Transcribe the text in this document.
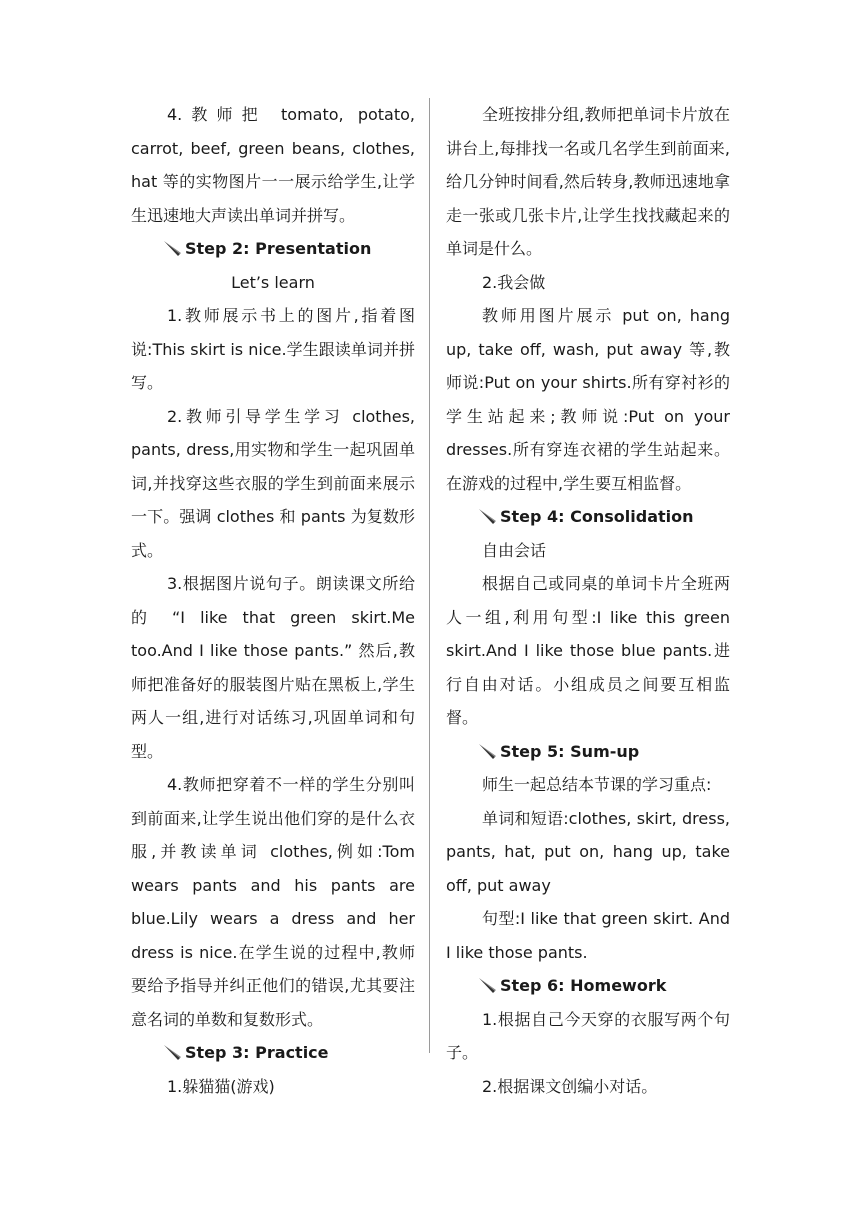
4.教师把 tomato, potato, carrot, beef, green beans, clothes, hat 等的实物图片一一展示给学生,让学生迅速地大声读出单词并拼写。

Step 2: Presentation

Let’s learn

1.教师展示书上的图片,指着图说:This skirt is nice.学生跟读单词并拼写。

2.教师引导学生学习 clothes, pants, dress,用实物和学生一起巩固单词,并找穿这些衣服的学生到前面来展示一下。强调 clothes 和 pants 为复数形式。

3.根据图片说句子。朗读课文所给的 “I like that green skirt.Me too.And I like those pants.” 然后,教师把准备好的服装图片贴在黑板上,学生两人一组,进行对话练习,巩固单词和句型。

4.教师把穿着不一样的学生分别叫到前面来,让学生说出他们穿的是什么衣服,并教读单词 clothes,例如:Tom wears pants and his pants are blue.Lily wears a dress and her dress is nice.在学生说的过程中,教师要给予指导并纠正他们的错误,尤其要注意名词的单数和复数形式。

Step 3: Practice

1.躲猫猫(游戏)

全班按排分组,教师把单词卡片放在讲台上,每排找一名或几名学生到前面来,给几分钟时间看,然后转身,教师迅速地拿走一张或几张卡片,让学生找找藏起来的单词是什么。

2.我会做

教师用图片展示 put on, hang up, take off, wash, put away 等,教师说:Put on your shirts.所有穿衬衫的学生站起来;教师说:Put on your dresses.所有穿连衣裙的学生站起来。在游戏的过程中,学生要互相监督。

Step 4: Consolidation

自由会话

根据自己或同桌的单词卡片全班两人一组,利用句型:I like this green skirt.And I like those blue pants.进行自由对话。小组成员之间要互相监督。

Step 5: Sum-up

师生一起总结本节课的学习重点:

单词和短语:clothes, skirt, dress, pants, hat, put on, hang up, take off, put away

句型:I like that green skirt. And I like those pants.

Step 6: Homework

1.根据自己今天穿的衣服写两个句子。

2.根据课文创编小对话。
